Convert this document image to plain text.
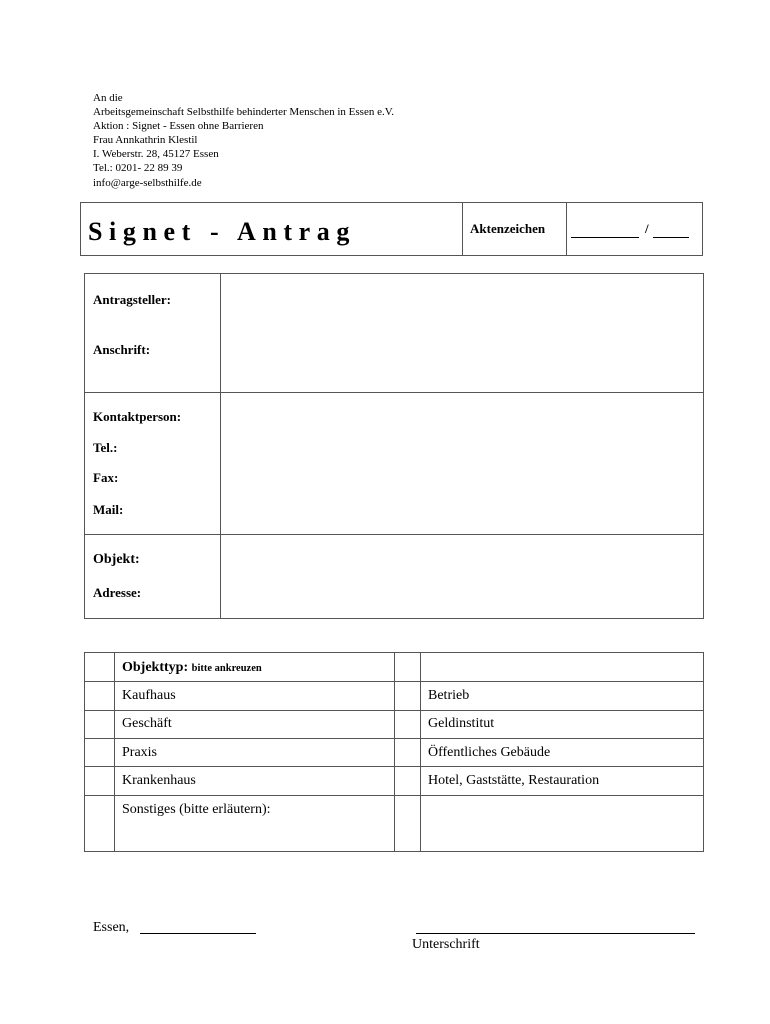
An die
Arbeitsgemeinschaft Selbsthilfe behinderter Menschen in Essen e.V.
Aktion : Signet - Essen ohne Barrieren
Frau Annkathrin Klestil
I. Weberstr. 28, 45127 Essen
Tel.: 0201- 22 89 39
info@arge-selbsthilfe.de
Signet - Antrag	Aktenzeichen	/
Antragsteller:
Anschrift:
Kontaktperson:
Tel.:
Fax:
Mail:
Objekt:
Adresse:
Objekttyp: bitte ankreuzen
Kaufhaus
Geschäft
Praxis
Krankenhaus
Sonstiges (bitte erläutern):
Betrieb
Geldinstitut
Öffentliches Gebäude
Hotel, Gaststätte, Restauration
Essen,
Unterschrift
